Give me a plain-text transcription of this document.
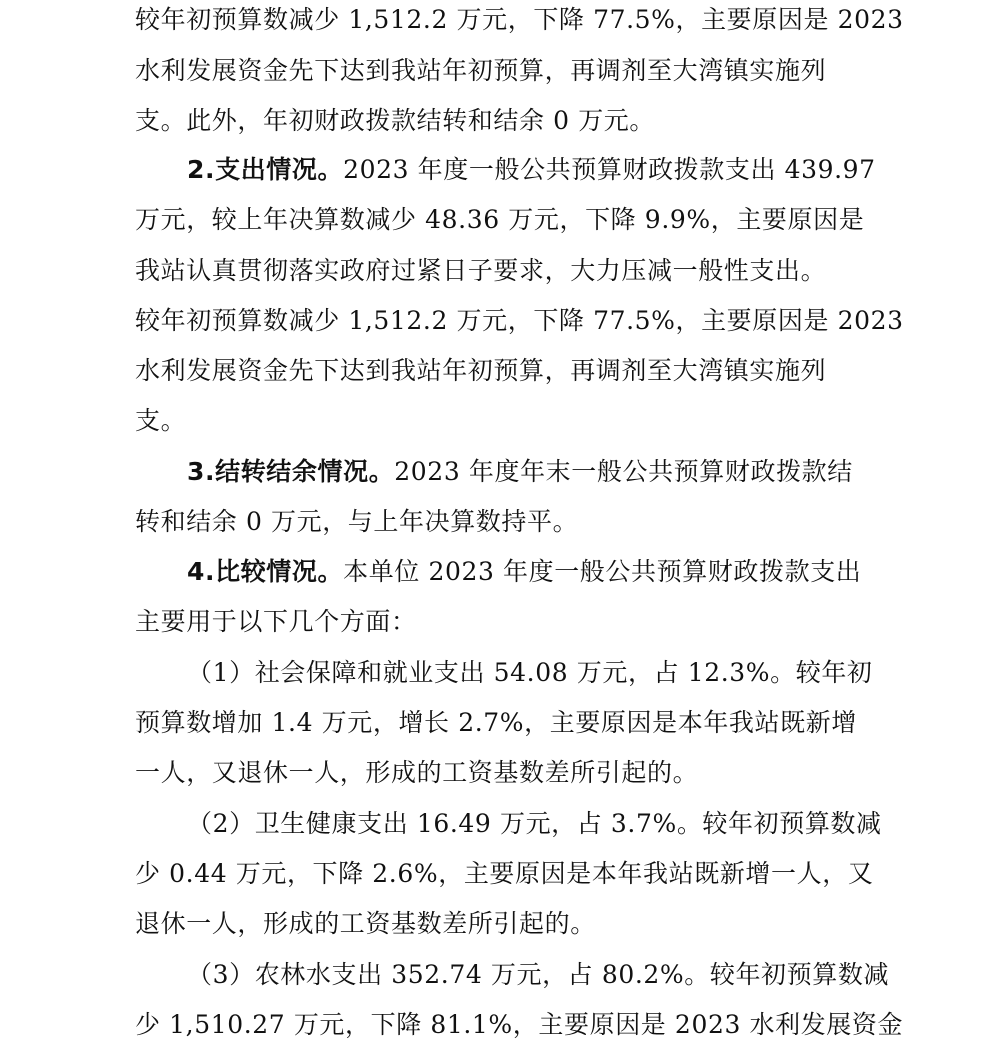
较年初预算数减少 1,512.2 万元，下降 77.5%，主要原因是 2023
水利发展资金先下达到我站年初预算，再调剂至大湾镇实施列
支。此外，年初财政拨款结转和结余 0 万元。
2.支出情况。2023 年度一般公共预算财政拨款支出 439.97
万元，较上年决算数减少 48.36 万元，下降 9.9%，主要原因是
我站认真贯彻落实政府过紧日子要求，大力压减一般性支出。
较年初预算数减少 1,512.2 万元，下降 77.5%，主要原因是 2023
水利发展资金先下达到我站年初预算，再调剂至大湾镇实施列
支。
3.结转结余情况。2023 年度年末一般公共预算财政拨款结
转和结余 0 万元，与上年决算数持平。
4.比较情况。本单位 2023 年度一般公共预算财政拨款支出
主要用于以下几个方面：
（1）社会保障和就业支出 54.08 万元，占 12.3%。较年初
预算数增加 1.4 万元，增长 2.7%，主要原因是本年我站既新增
一人，又退休一人，形成的工资基数差所引起的。
（2）卫生健康支出 16.49 万元，占 3.7%。较年初预算数减
少 0.44 万元，下降 2.6%，主要原因是本年我站既新增一人，又
退休一人，形成的工资基数差所引起的。
（3）农林水支出 352.74 万元，占 80.2%。较年初预算数减
少 1,510.27 万元，下降 81.1%，主要原因是 2023 水利发展资金
